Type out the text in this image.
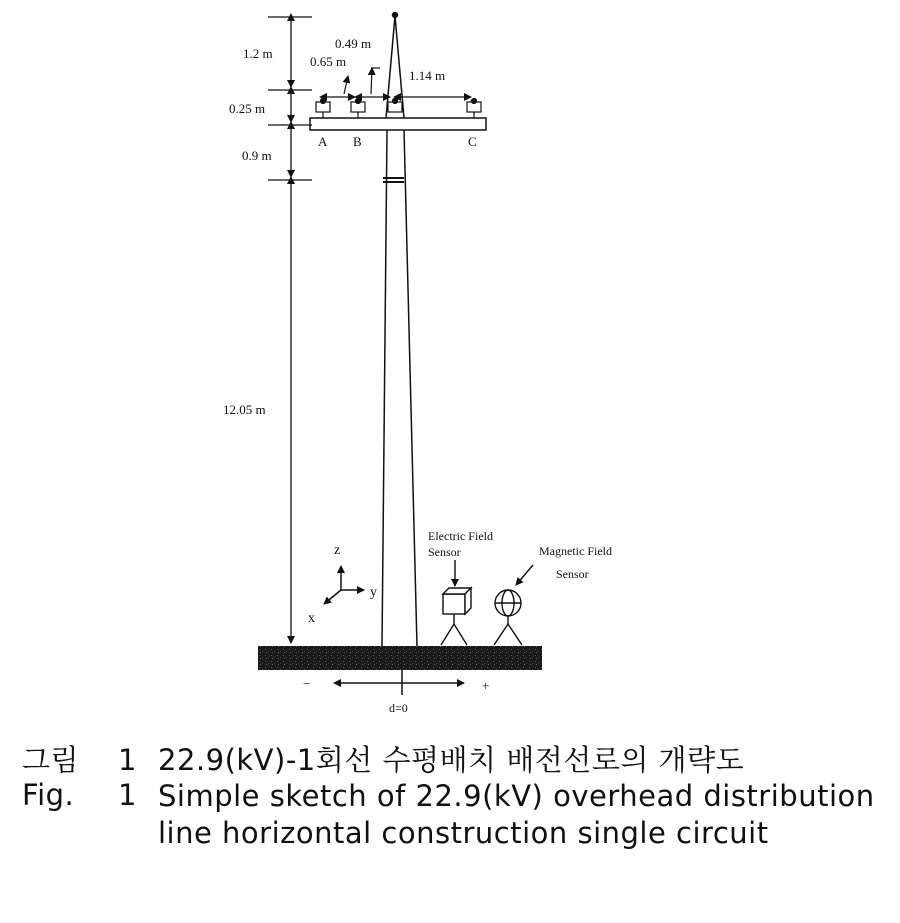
A B	C
1.2 m
0.25 m
0.9 m
12.05 m
0.49 m
0.65 m
1.14 m
z
y
x
Electric Field
Sensor	Magnetic Field
Sensor
−	+
d=0
그림 1 22.9(kV)-1회선 수평배치 배전선로의 개략도
Fig. 1 Simple sketch of 22.9(kV) overhead distribution line horizontal construction single circuit
